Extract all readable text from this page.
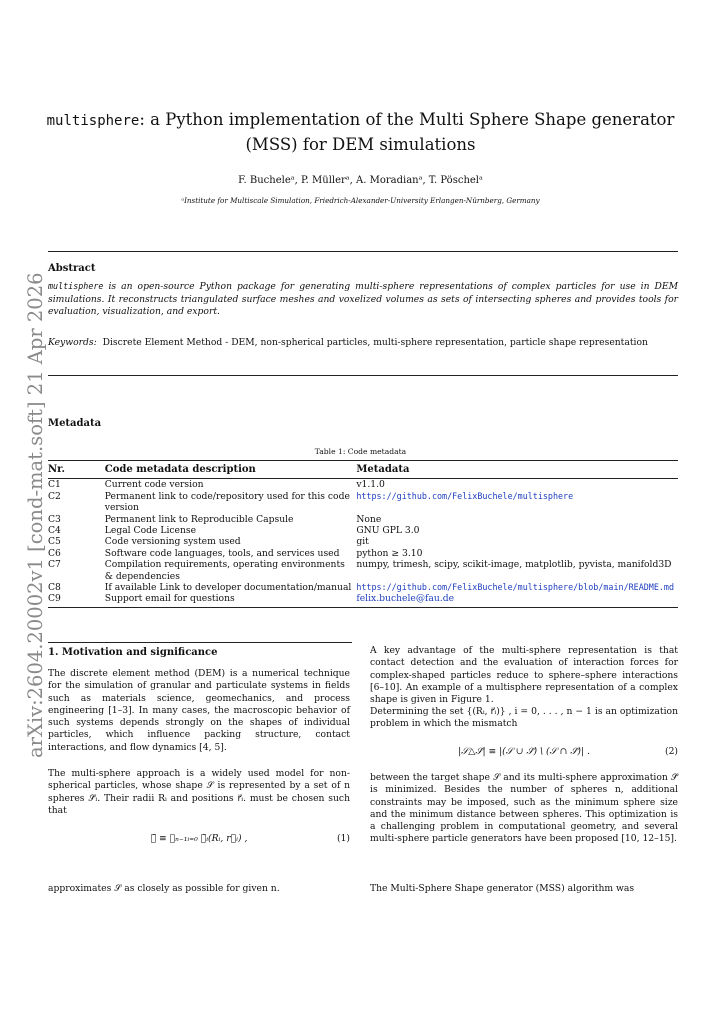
arXiv:2604.20002v1 [cond-mat.soft] 21 Apr 2026
multisphere: a Python implementation of the Multi Sphere Shape generator (MSS) for DEM simulations
F. Bucheleᵃ, P. Müllerᵃ, A. Moradianᵃ, T. Pöschelᵃ
ᵃInstitute for Multiscale Simulation, Friedrich-Alexander-University Erlangen-Nürnberg, Germany
Abstract
multisphere is an open-source Python package for generating multi-sphere representations of complex particles for use in DEM simulations. It reconstructs triangulated surface meshes and voxelized volumes as sets of intersecting spheres and provides tools for evaluation, visualization, and export.
Keywords: Discrete Element Method - DEM, non-spherical particles, multi-sphere representation, particle shape representation
Metadata
Table 1: Code metadata
Nr.	Code metadata description	Metadata
C1	Current code version	v1.1.0
C2	Permanent link to code/repository used for this code version	https://github.com/FelixBuchele/multisphere
C3	Permanent link to Reproducible Capsule	None
C4	Legal Code License	GNU GPL 3.0
C5	Code versioning system used	git
C6	Software code languages, tools, and services used	python ≥ 3.10
C7	Compilation requirements, operating environments & dependencies	numpy, trimesh, scipy, scikit-image, matplotlib, pyvista, manifold3D
C8	If available Link to developer documentation/manual	https://github.com/FelixBuchele/multisphere/blob/main/README.md
C9	Support email for questions	felix.buchele@fau.de
1. Motivation and significance
The discrete element method (DEM) is a numerical technique for the simulation of granular and particulate systems in fields such as materials science, geomechanics, and process engineering [1–3]. In many cases, the macroscopic behavior of such systems depends strongly on the shapes of individual particles, which influence packing structure, contact interactions, and flow dynamics [4, 5].
The multi-sphere approach is a widely used model for non-spherical particles, whose shape 𝒮 is represented by a set of n spheres 𝒮̃ᵢ. Their radii Rᵢ and positions r⃗ᵢ. must be chosen such that
𝒮̃ ≡ ⋃ₙ₋₁ᵢ₌₀ 𝒮̃ᵢ(Rᵢ, r⃗ᵢ) ,	(1)
approximates 𝒮 as closely as possible for given n.
A key advantage of the multi-sphere representation is that contact detection and the evaluation of interaction forces for complex-shaped particles reduce to sphere–sphere interactions [6–10]. An example of a multisphere representation of a complex shape is given in Figure 1.
Determining the set {(Rᵢ, r⃗ᵢ)} , i = 0, . . . , n − 1 is an optimization problem in which the mismatch
|𝒮△𝒮̃| ≡ |(𝒮 ∪ 𝒮̃) \ (𝒮 ∩ 𝒮̃)| .	(2)
between the target shape 𝒮 and its multi-sphere approximation 𝒮̃ is minimized. Besides the number of spheres n, additional constraints may be imposed, such as the minimum sphere size and the minimum distance between spheres. This optimization is a challenging problem in computational geometry, and several multi-sphere particle generators have been proposed [10, 12–15].
The Multi-Sphere Shape generator (MSS) algorithm was
